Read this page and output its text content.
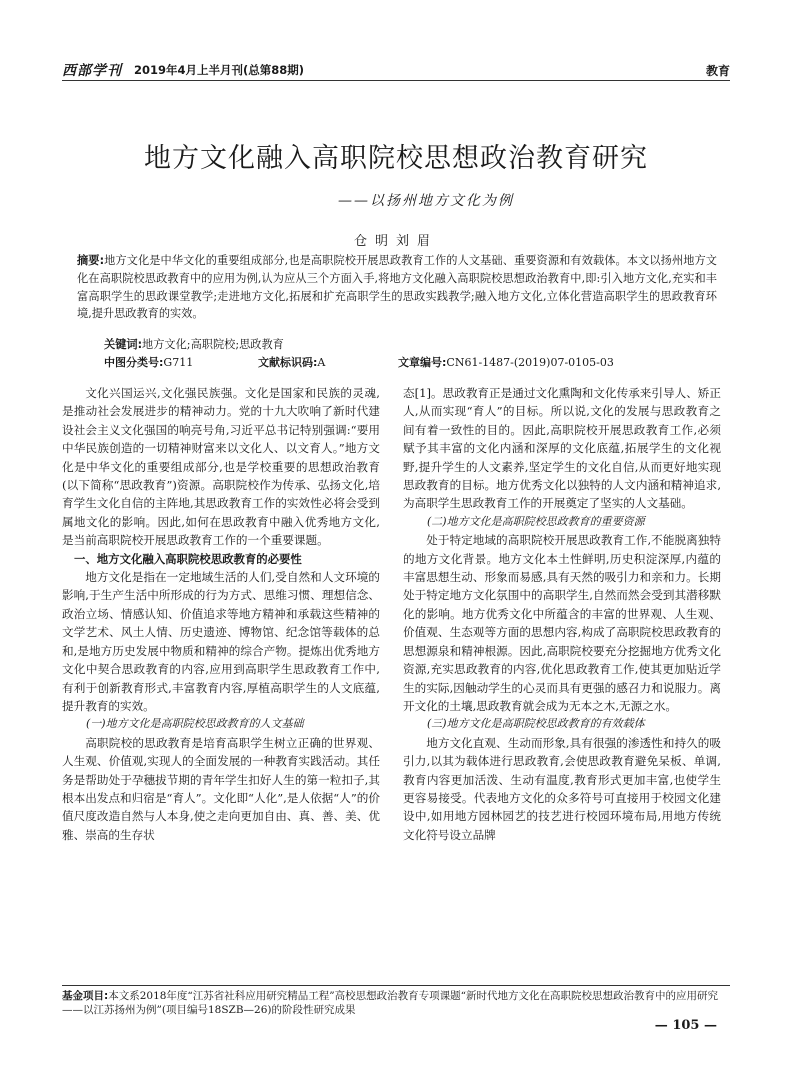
西部学刊 2019年4月上半月刊(总第88期)	教育
地方文化融入高职院校思想政治教育研究
——以扬州地方文化为例
仓明刘眉
摘要:地方文化是中华文化的重要组成部分,也是高职院校开展思政教育工作的人文基础、重要资源和有效载体。本文以扬州地方文化在高职院校思政教育中的应用为例,认为应从三个方面入手,将地方文化融入高职院校思想政治教育中,即:引入地方文化,充实和丰富高职学生的思政课堂教学;走进地方文化,拓展和扩充高职学生的思政实践教学;融入地方文化,立体化营造高职学生的思政教育环境,提升思政教育的实效。
关键词:地方文化;高职院校;思政教育
中图分类号:G711	文献标识码:A	文章编号:CN61-1487-(2019)07-0105-03

文化兴国运兴,文化强民族强。文化是国家和民族的灵魂,是推动社会发展进步的精神动力。党的十九大吹响了新时代建设社会主义文化强国的响亮号角,习近平总书记特别强调:“要用中华民族创造的一切精神财富来以文化人、以文育人。”地方文化是中华文化的重要组成部分,也是学校重要的思想政治教育(以下简称“思政教育”)资源。高职院校作为传承、弘扬文化,培育学生文化自信的主阵地,其思政教育工作的实效性必将会受到属地文化的影响。因此,如何在思政教育中融入优秀地方文化,是当前高职院校开展思政教育工作的一个重要课题。

一、地方文化融入高职院校思政教育的必要性

地方文化是指在一定地域生活的人们,受自然和人文环境的影响,于生产生活中所形成的行为方式、思维习惯、理想信念、政治立场、情感认知、价值追求等地方精神和承载这些精神的文学艺术、风土人情、历史遗迹、博物馆、纪念馆等载体的总和,是地方历史发展中物质和精神的综合产物。提炼出优秀地方文化中契合思政教育的内容,应用到高职学生思政教育工作中,有利于创新教育形式,丰富教育内容,厚植高职学生的人文底蕴,提升教育的实效。

(一)地方文化是高职院校思政教育的人文基础

高职院校的思政教育是培育高职学生树立正确的世界观、人生观、价值观,实现人的全面发展的一种教育实践活动。其任务是帮助处于孕穗拔节期的青年学生扣好人生的第一粒扣子,其根本出发点和归宿是“育人”。文化即“人化”,是人依据“人”的价值尺度改造自然与人本身,使之走向更加自由、真、善、美、优雅、崇高的生存状

态[1]。思政教育正是通过文化熏陶和文化传承来引导人、矫正人,从而实现“育人”的目标。所以说,文化的发展与思政教育之间有着一致性的目的。因此,高职院校开展思政教育工作,必须赋予其丰富的文化内涵和深厚的文化底蕴,拓展学生的文化视野,提升学生的人文素养,坚定学生的文化自信,从而更好地实现思政教育的目标。地方优秀文化以独特的人文内涵和精神追求,为高职学生思政教育工作的开展奠定了坚实的人文基础。

(二)地方文化是高职院校思政教育的重要资源

处于特定地域的高职院校开展思政教育工作,不能脱离独特的地方文化背景。地方文化本土性鲜明,历史积淀深厚,内蕴的丰富思想生动、形象而易感,具有天然的吸引力和亲和力。长期处于特定地方文化氛围中的高职学生,自然而然会受到其潜移默化的影响。地方优秀文化中所蕴含的丰富的世界观、人生观、价值观、生态观等方面的思想内容,构成了高职院校思政教育的思想源泉和精神根源。因此,高职院校要充分挖掘地方优秀文化资源,充实思政教育的内容,优化思政教育工作,使其更加贴近学生的实际,因触动学生的心灵而具有更强的感召力和说服力。离开文化的土壤,思政教育就会成为无本之木,无源之水。

(三)地方文化是高职院校思政教育的有效载体

地方文化直观、生动而形象,具有很强的渗透性和持久的吸引力,以其为载体进行思政教育,会使思政教育避免呆板、单调,教育内容更加活泼、生动有温度,教育形式更加丰富,也使学生更容易接受。代表地方文化的众多符号可直接用于校园文化建设中,如用地方园林园艺的技艺进行校园环境布局,用地方传统文化符号设立品牌

基金项目:本文系2018年度“江苏省社科应用研究精品工程”高校思想政治教育专项课题“新时代地方文化在高职院校思想政治教育中的应用研究——以江苏扬州为例”(项目编号18SZB—26)的阶段性研究成果
— 105 —
